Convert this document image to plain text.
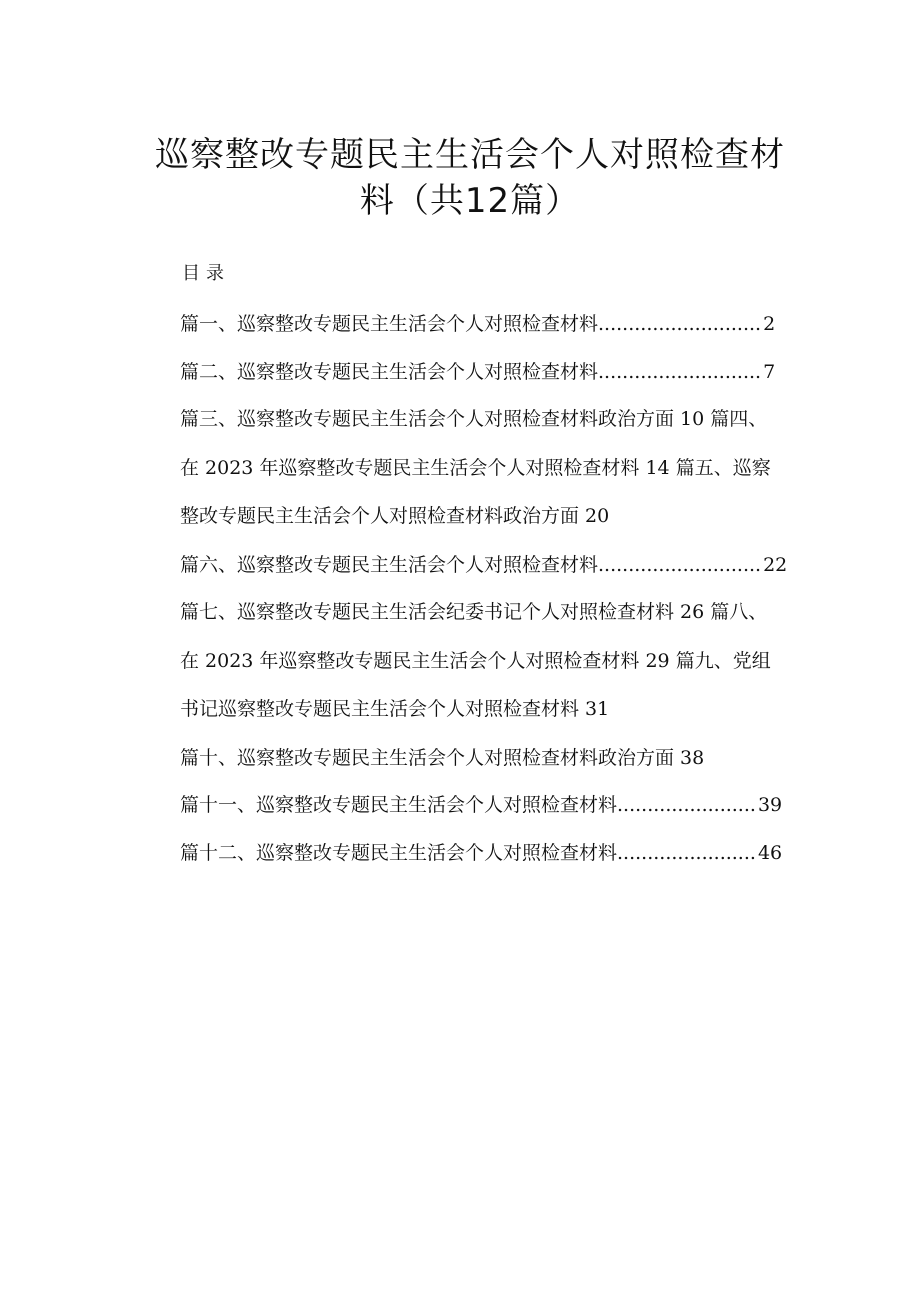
巡察整改专题民主生活会个人对照检查材
料（共12篇）
目录
篇一、巡察整改专题民主生活会个人对照检查材料........................... 2
篇二、巡察整改专题民主生活会个人对照检查材料........................... 7
篇三、巡察整改专题民主生活会个人对照检查材料政治方面 10 篇四、
在 2023 年巡察整改专题民主生活会个人对照检查材料 14 篇五、巡察
整改专题民主生活会个人对照检查材料政治方面 20
篇六、巡察整改专题民主生活会个人对照检查材料........................... 22
篇七、巡察整改专题民主生活会纪委书记个人对照检查材料 26 篇八、
在 2023 年巡察整改专题民主生活会个人对照检查材料 29 篇九、党组
书记巡察整改专题民主生活会个人对照检查材料 31
篇十、巡察整改专题民主生活会个人对照检查材料政治方面 38
篇十一、巡察整改专题民主生活会个人对照检查材料....................... 39
篇十二、巡察整改专题民主生活会个人对照检查材料....................... 46
